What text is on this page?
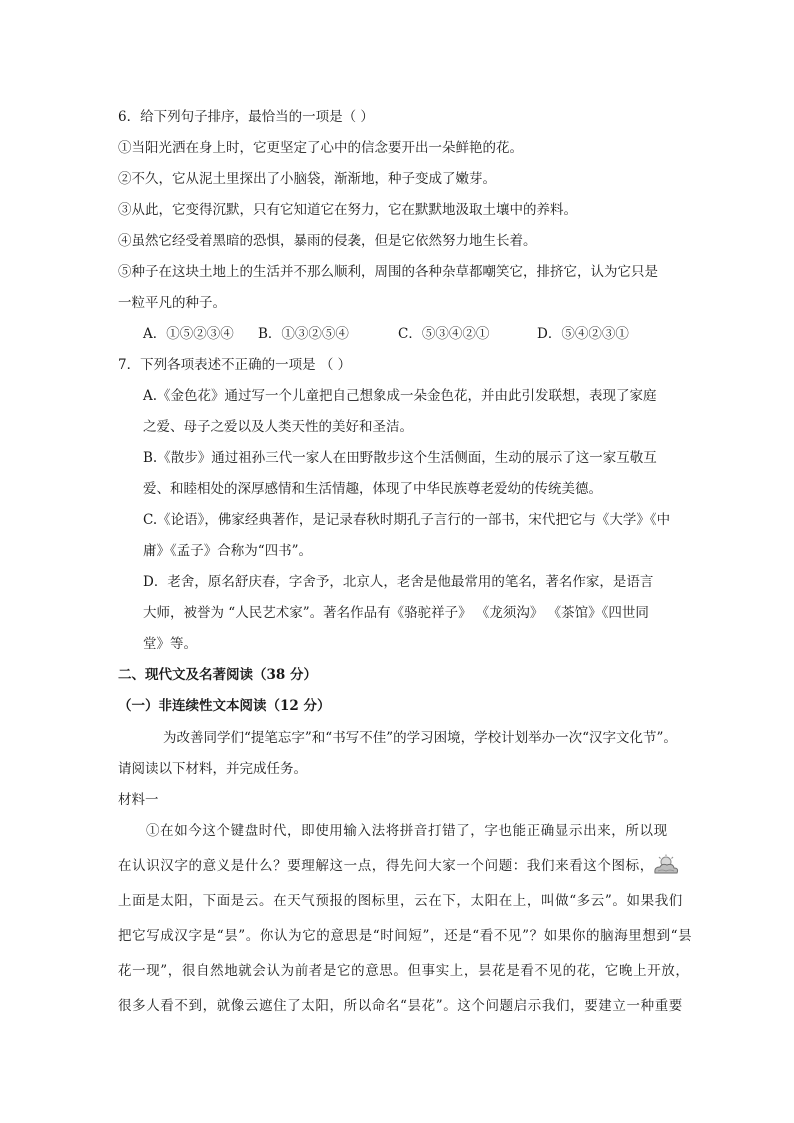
6．给下列句子排序，最恰当的一项是（ ）
①当阳光洒在身上时，它更坚定了心中的信念要开出一朵鲜艳的花。
②不久，它从泥土里探出了小脑袋，渐渐地，种子变成了嫩芽。
③从此，它变得沉默，只有它知道它在努力，它在默默地汲取土壤中的养料。
④虽然它经受着黑暗的恐惧，暴雨的侵袭，但是它依然努力地生长着。
⑤种子在这块土地上的生活并不那么顺利，周围的各种杂草都嘲笑它，排挤它，认为它只是
一粒平凡的种子。
A．①⑤②③④ B．①③②⑤④	C．⑤③④②①	D．⑤④②③①
7．下列各项表述不正确的一项是 （ ）
A.《金色花》通过写一个儿童把自己想象成一朵金色花，并由此引发联想，表现了家庭
之爱、母子之爱以及人类天性的美好和圣洁。
B.《散步》通过祖孙三代一家人在田野散步这个生活侧面，生动的展示了这一家互敬互
爱、和睦相处的深厚感情和生活情趣，体现了中华民族尊老爱幼的传统美德。
C.《论语》，佛家经典著作，是记录春秋时期孔子言行的一部书，宋代把它与《大学》《中
庸》《孟子》合称为“四书”。
D．老舍，原名舒庆春，字舍予，北京人，老舍是他最常用的笔名，著名作家，是语言
大师，被誉为 “人民艺术家”。著名作品有《骆驼祥子》 《龙须沟》 《茶馆》《四世同
堂》等。
二、现代文及名著阅读（38 分）
（一）非连续性文本阅读（12 分）
为改善同学们“提笔忘字”和“书写不佳”的学习困境，学校计划举办一次“汉字文化节”。
请阅读以下材料，并完成任务。
材料一
①在如今这个键盘时代，即使用输入法将拼音打错了，字也能正确显示出来，所以现
在认识汉字的意义是什么？要理解这一点，得先问大家一个问题：我们来看这个图标，
上面是太阳，下面是云。在天气预报的图标里，云在下，太阳在上，叫做“多云”。如果我们
把它写成汉字是“昙”。你认为它的意思是“时间短”，还是“看不见”？如果你的脑海里想到“昙
花一现”，很自然地就会认为前者是它的意思。但事实上，昙花是看不见的花，它晚上开放，
很多人看不到，就像云遮住了太阳，所以命名“昙花”。这个问题启示我们，要建立一种重要
